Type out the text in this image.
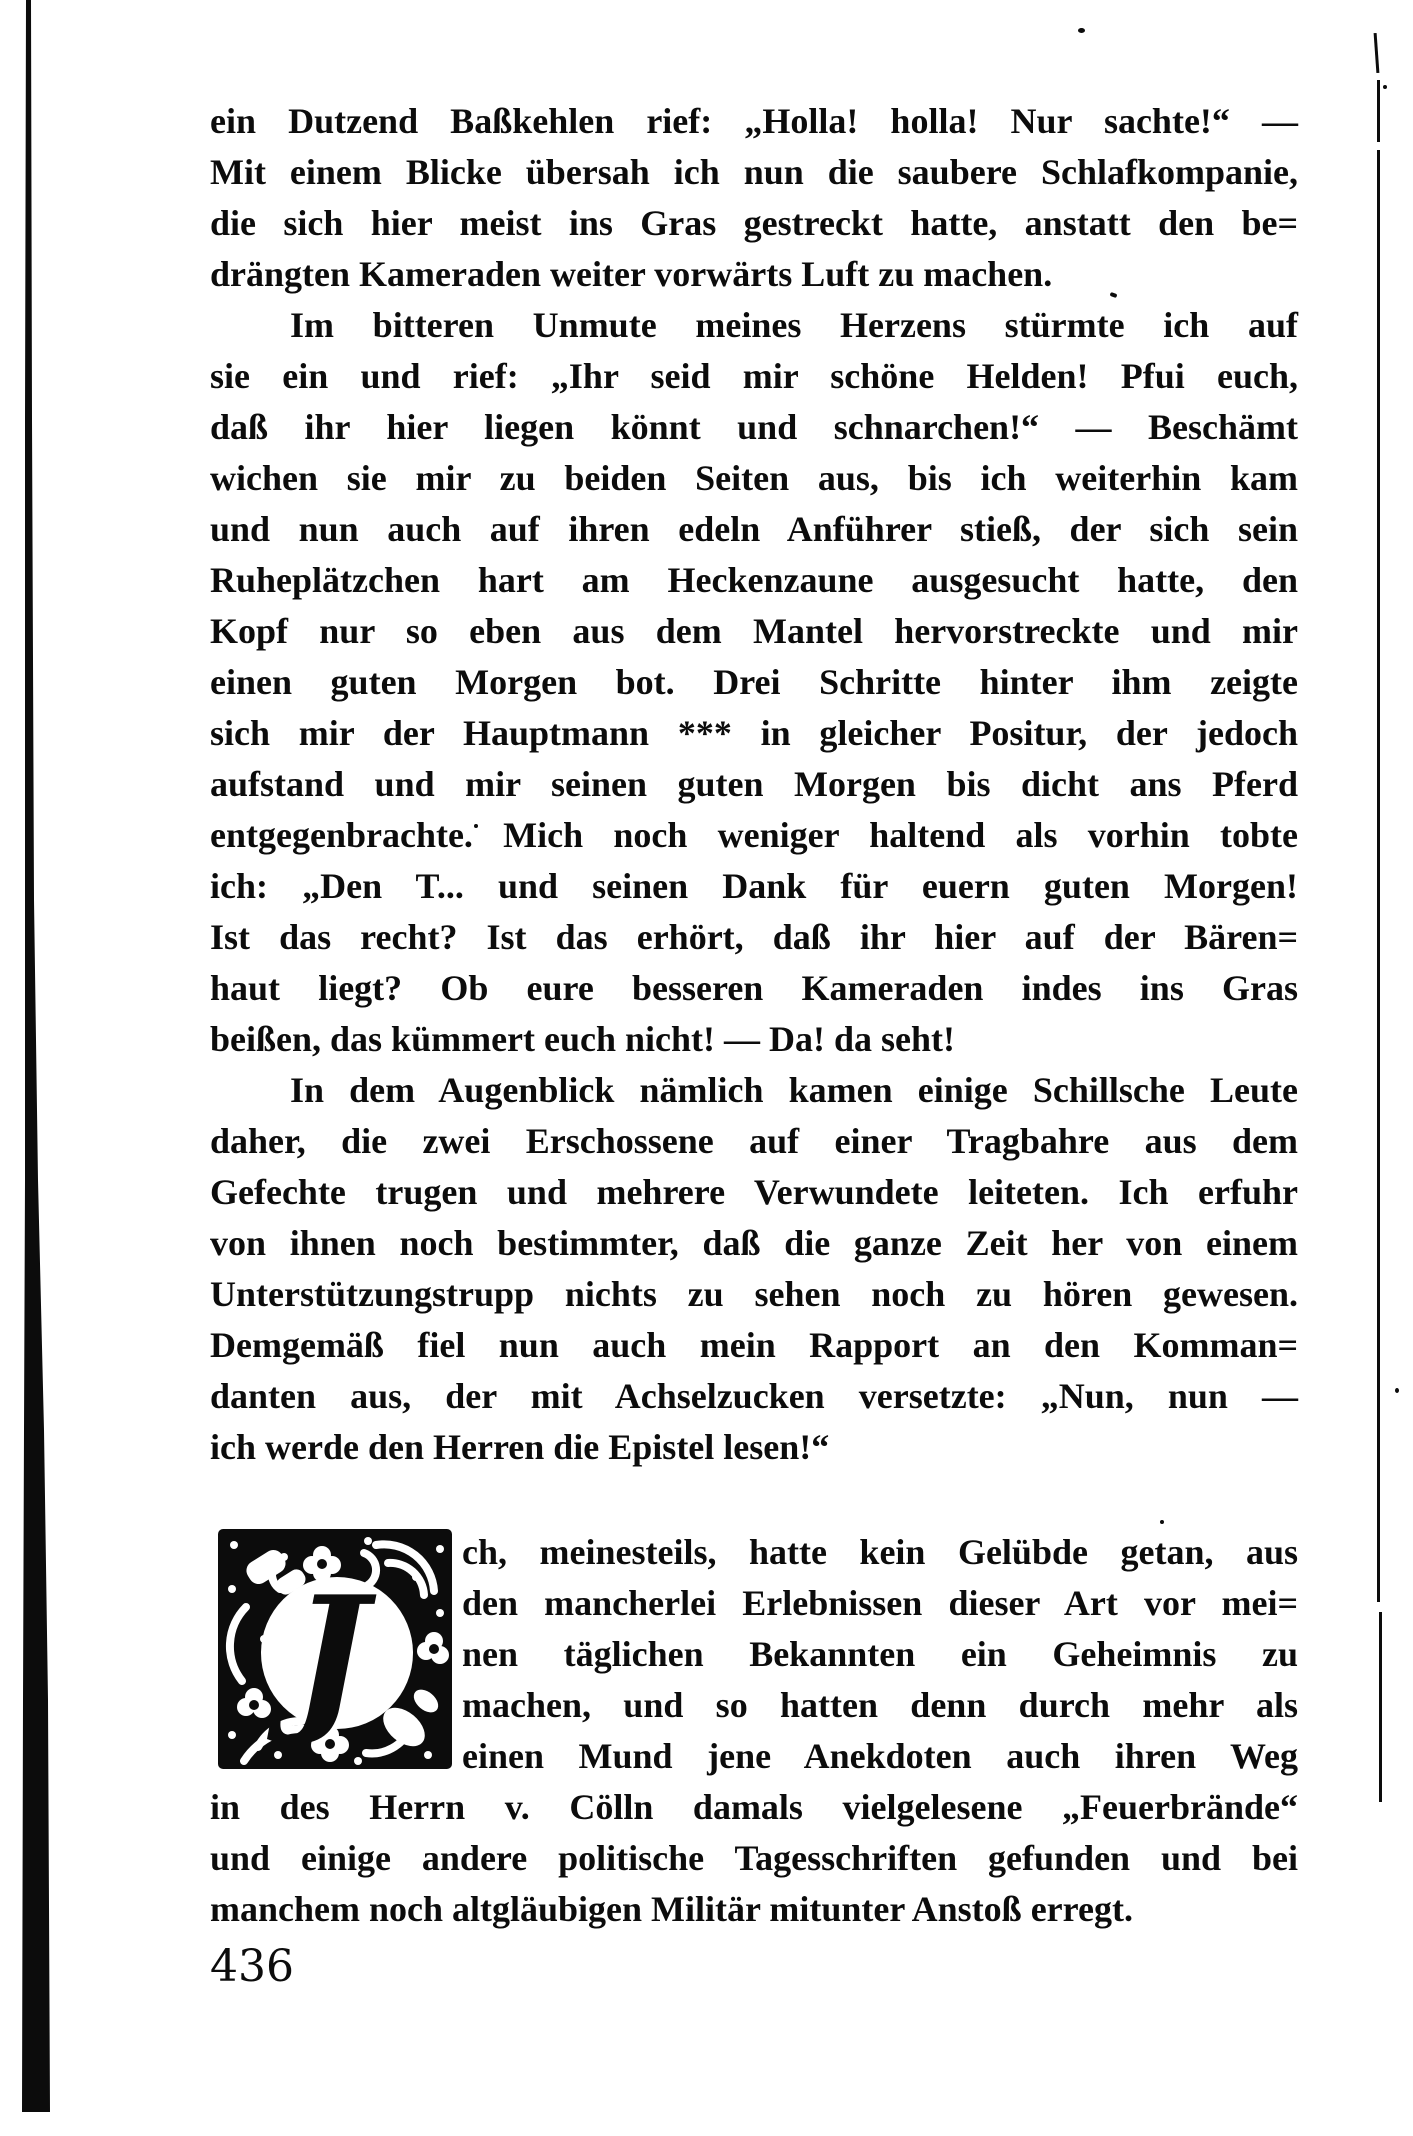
ein Dutzend Baßkehlen rief: „Holla! holla! Nur sachte!“ —
Mit einem Blicke übersah ich nun die saubere Schlafkompanie,
die sich hier meist ins Gras gestreckt hatte, anstatt den be=
drängten Kameraden weiter vorwärts Luft zu machen.
Im bitteren Unmute meines Herzens stürmte ich auf
sie ein und rief: „Ihr seid mir schöne Helden! Pfui euch,
daß ihr hier liegen könnt und schnarchen!“ — Beschämt
wichen sie mir zu beiden Seiten aus, bis ich weiterhin kam
und nun auch auf ihren edeln Anführer stieß, der sich sein
Ruheplätzchen hart am Heckenzaune ausgesucht hatte, den
Kopf nur so eben aus dem Mantel hervorstreckte und mir
einen guten Morgen bot. Drei Schritte hinter ihm zeigte
sich mir der Hauptmann *** in gleicher Positur, der jedoch
aufstand und mir seinen guten Morgen bis dicht ans Pferd
entgegenbrachte. Mich noch weniger haltend als vorhin tobte
ich: „Den T... und seinen Dank für euern guten Morgen!
Ist das recht? Ist das erhört, daß ihr hier auf der Bären=
haut liegt? Ob eure besseren Kameraden indes ins Gras
beißen, das kümmert euch nicht! — Da! da seht!
In dem Augenblick nämlich kamen einige Schillsche Leute
daher, die zwei Erschossene auf einer Tragbahre aus dem
Gefechte trugen und mehrere Verwundete leiteten. Ich erfuhr
von ihnen noch bestimmter, daß die ganze Zeit her von einem
Unterstützungstrupp nichts zu sehen noch zu hören gewesen.
Demgemäß fiel nun auch mein Rapport an den Komman=
danten aus, der mit Achselzucken versetzte: „Nun, nun —
ich werde den Herren die Epistel lesen!“
J
ch, meinesteils, hatte kein Gelübde getan, aus
den mancherlei Erlebnissen dieser Art vor mei=
nen täglichen Bekannten ein Geheimnis zu
machen, und so hatten denn durch mehr als
einen Mund jene Anekdoten auch ihren Weg
in des Herrn v. Cölln damals vielgelesene „Feuerbrände“
und einige andere politische Tagesschriften gefunden und bei
manchem noch altgläubigen Militär mitunter Anstoß erregt.
436
